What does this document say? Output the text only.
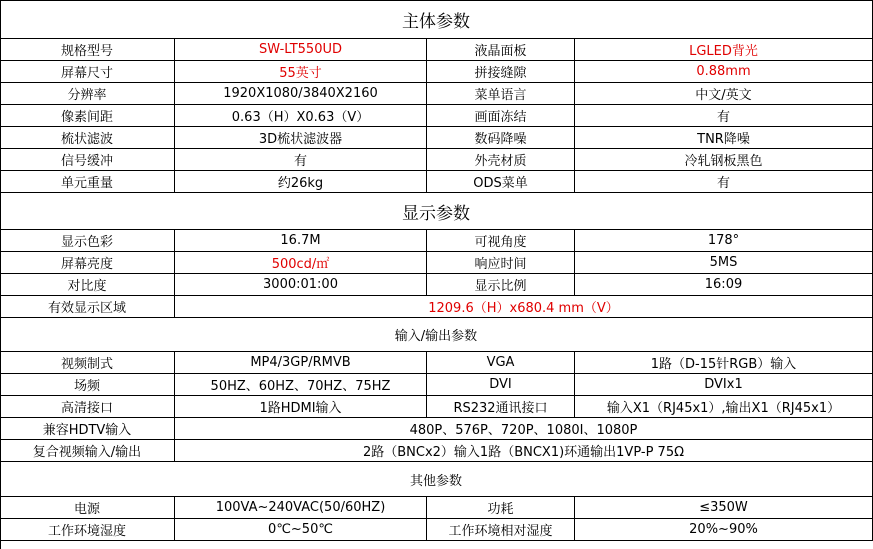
主体参数
规格型号	SW-LT550UD	液晶面板	LGLED背光
屏幕尺寸	55英寸	拼接缝隙	0.88mm
分辨率	1920X1080/3840X2160	菜单语言	中文/英文
像素间距	0.63（H）X0.63（V）	画面冻结	有
梳状滤波	3D梳状滤波器	数码降噪	TNR降噪
信号缓冲	有	外壳材质	冷轧钢板黑色
单元重量	约26kg	ODS菜单	有
显示参数
显示色彩	16.7M	可视角度	178°
屏幕亮度	500cd/㎡	响应时间	5MS
对比度	3000:01:00	显示比例	16:09
有效显示区域	1209.6（H）x680.4 mm（V）
输入/输出参数
视频制式	MP4/3GP/RMVB	VGA	1路（D-15针RGB）输入
场频	50HZ、60HZ、70HZ、75HZ	DVI	DVIx1
高清接口	1路HDMI输入	RS232通讯接口	输入X1（RJ45x1）,输出X1（RJ45x1）
兼容HDTV输入	480P、576P、720P、1080I、1080P
复合视频输入/输出	2路（BNCx2）输入1路（BNCX1)环通输出1VP-P 75Ω
其他参数
电源	100VA~240VAC(50/60HZ)	功耗	≤350W
工作环境湿度	0℃~50℃	工作环境相对湿度	20%~90%
